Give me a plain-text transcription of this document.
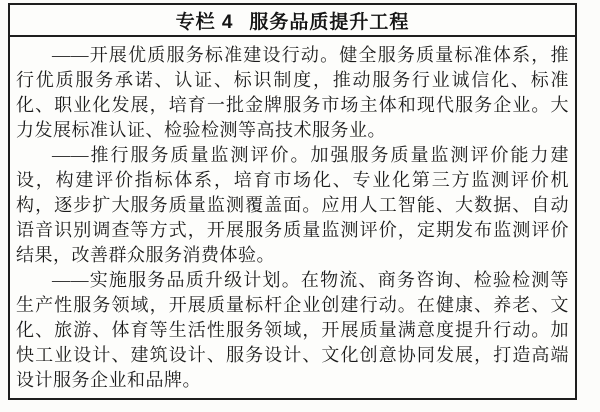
专栏 4 服务品质提升工程

——开展优质服务标准建设行动。健全服务质量标准体系，推行优质服务承诺、认证、标识制度，推动服务行业诚信化、标准化、职业化发展，培育一批金牌服务市场主体和现代服务企业。大力发展标准认证、检验检测等高技术服务业。

——推行服务质量监测评价。加强服务质量监测评价能力建设，构建评价指标体系，培育市场化、专业化第三方监测评价机构，逐步扩大服务质量监测覆盖面。应用人工智能、大数据、自动语音识别调查等方式，开展服务质量监测评价，定期发布监测评价结果，改善群众服务消费体验。

——实施服务品质升级计划。在物流、商务咨询、检验检测等生产性服务领域，开展质量标杆企业创建行动。在健康、养老、文化、旅游、体育等生活性服务领域，开展质量满意度提升行动。加快工业设计、建筑设计、服务设计、文化创意协同发展，打造高端设计服务企业和品牌。
